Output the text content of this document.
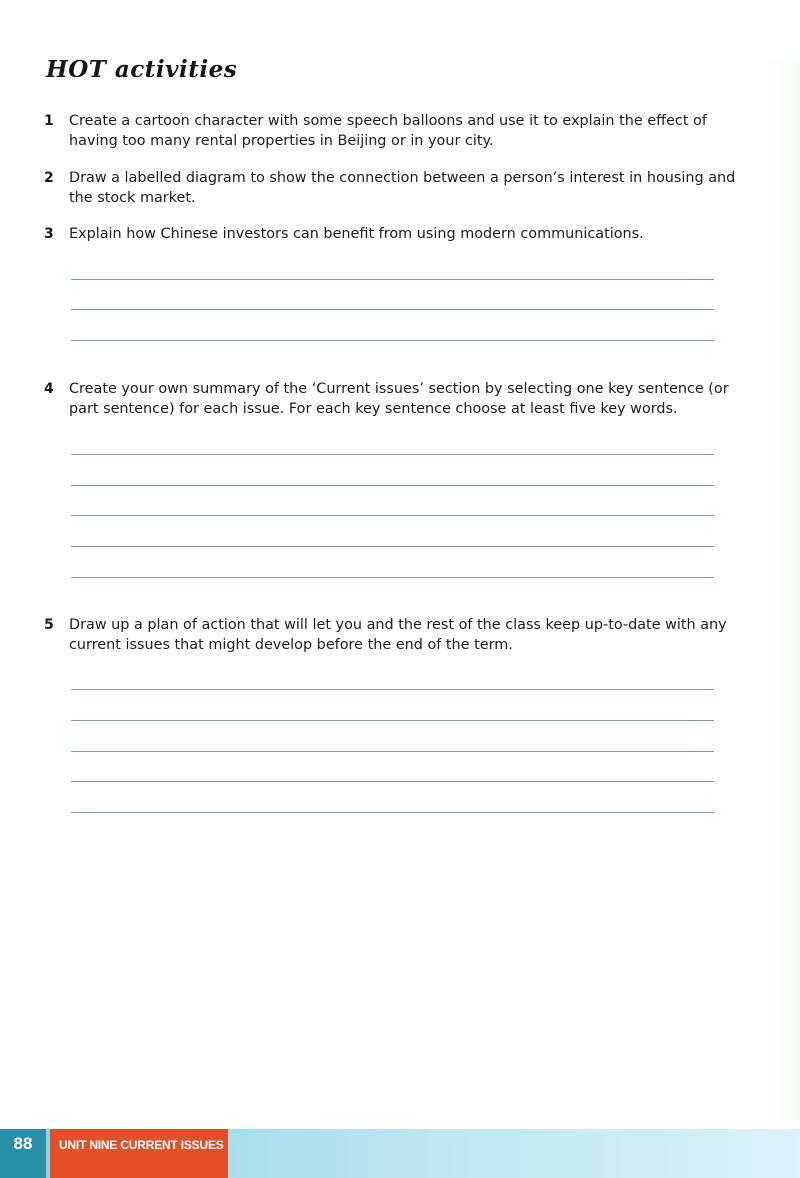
HOT activities
1 Create a cartoon character with some speech balloons and use it to explain the effect of having too many rental properties in Beijing or in your city.
2 Draw a labelled diagram to show the connection between a person’s interest in housing and the stock market.
3 Explain how Chinese investors can benefit from using modern communications.
4 Create your own summary of the ‘Current issues’ section by selecting one key sentence (or part sentence) for each issue. For each key sentence choose at least five key words.
5 Draw up a plan of action that will let you and the rest of the class keep up-to-date with any current issues that might develop before the end of the term.
88	UNIT NINE CURRENT ISSUES
